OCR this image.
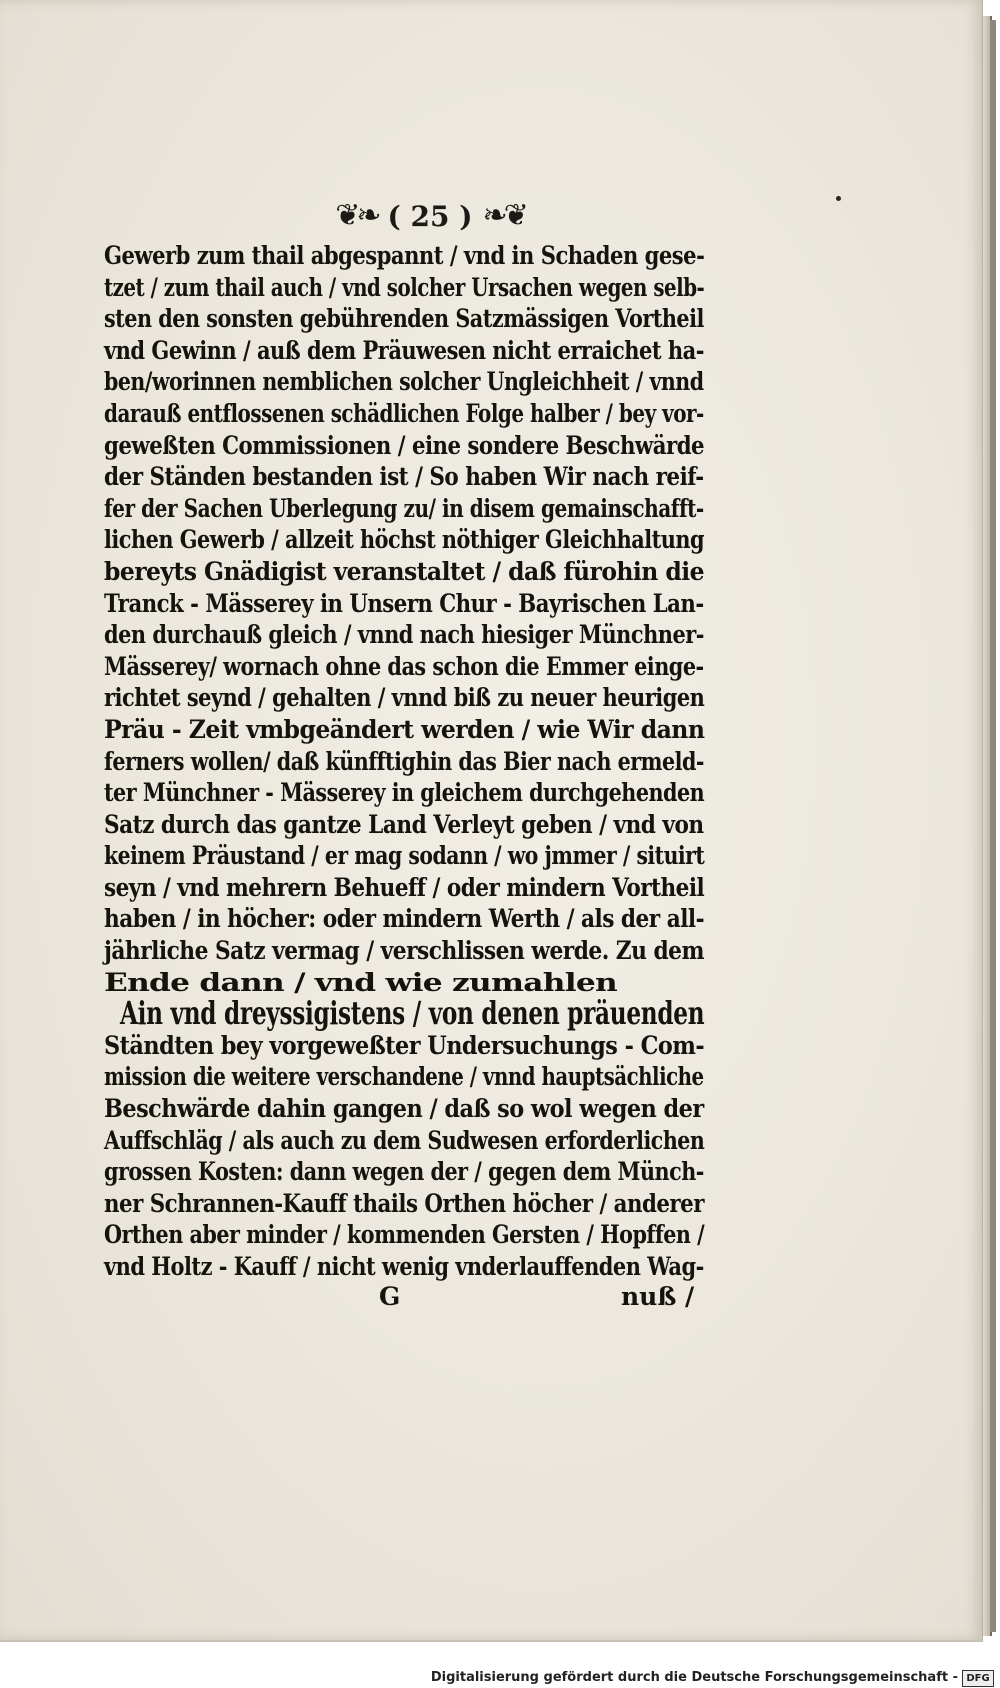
❦❧ ( 25 ) ❧❦
Gewerb zum thail abgespannt / vnd in Schaden gese-
tzet / zum thail auch / vnd solcher Ursachen wegen selb-
sten den sonsten gebührenden Satzmässigen Vortheil
vnd Gewinn / auß dem Präuwesen nicht erraichet ha-
ben/worinnen nemblichen solcher Ungleichheit / vnnd
darauß entflossenen schädlichen Folge halber / bey vor-
geweßten Commissionen / eine sondere Beschwärde
der Ständen bestanden ist / So haben Wir nach reif-
fer der Sachen Uberlegung zu/ in disem gemainschafft-
lichen Gewerb / allzeit höchst nöthiger Gleichhaltung
bereyts Gnädigist veranstaltet / daß fürohin die
Tranck - Mässerey in Unsern Chur - Bayrischen Lan-
den durchauß gleich / vnnd nach hiesiger Münchner-
Mässerey/ wornach ohne das schon die Emmer einge-
richtet seynd / gehalten / vnnd biß zu neuer heurigen
Präu - Zeit vmbgeändert werden / wie Wir dann
ferners wollen/ daß künfftighin das Bier nach ermeld-
ter Münchner - Mässerey in gleichem durchgehenden
Satz durch das gantze Land Verleyt geben / vnd von
keinem Präustand / er mag sodann / wo jmmer / situirt
seyn / vnd mehrern Behueff / oder mindern Vortheil
haben / in höcher: oder mindern Werth / als der all-
jährliche Satz vermag / verschlissen werde. Zu dem
Ende dann / vnd wie zumahlen
Ain vnd dreyssigistens / von denen präuenden
Ständten bey vorgeweßter Undersuchungs - Com-
mission die weitere verschandene / vnnd hauptsächliche
Beschwärde dahin gangen / daß so wol wegen der
Auffschläg / als auch zu dem Sudwesen erforderlichen
grossen Kosten: dann wegen der / gegen dem Münch-
ner Schrannen-Kauff thails Orthen höcher / anderer
Orthen aber minder / kommenden Gersten / Hopffen /
vnd Holtz - Kauff / nicht wenig vnderlauffenden Wag-
G	nuß /
Digitalisierung gefördert durch die Deutsche Forschungsgemeinschaft - DFG
